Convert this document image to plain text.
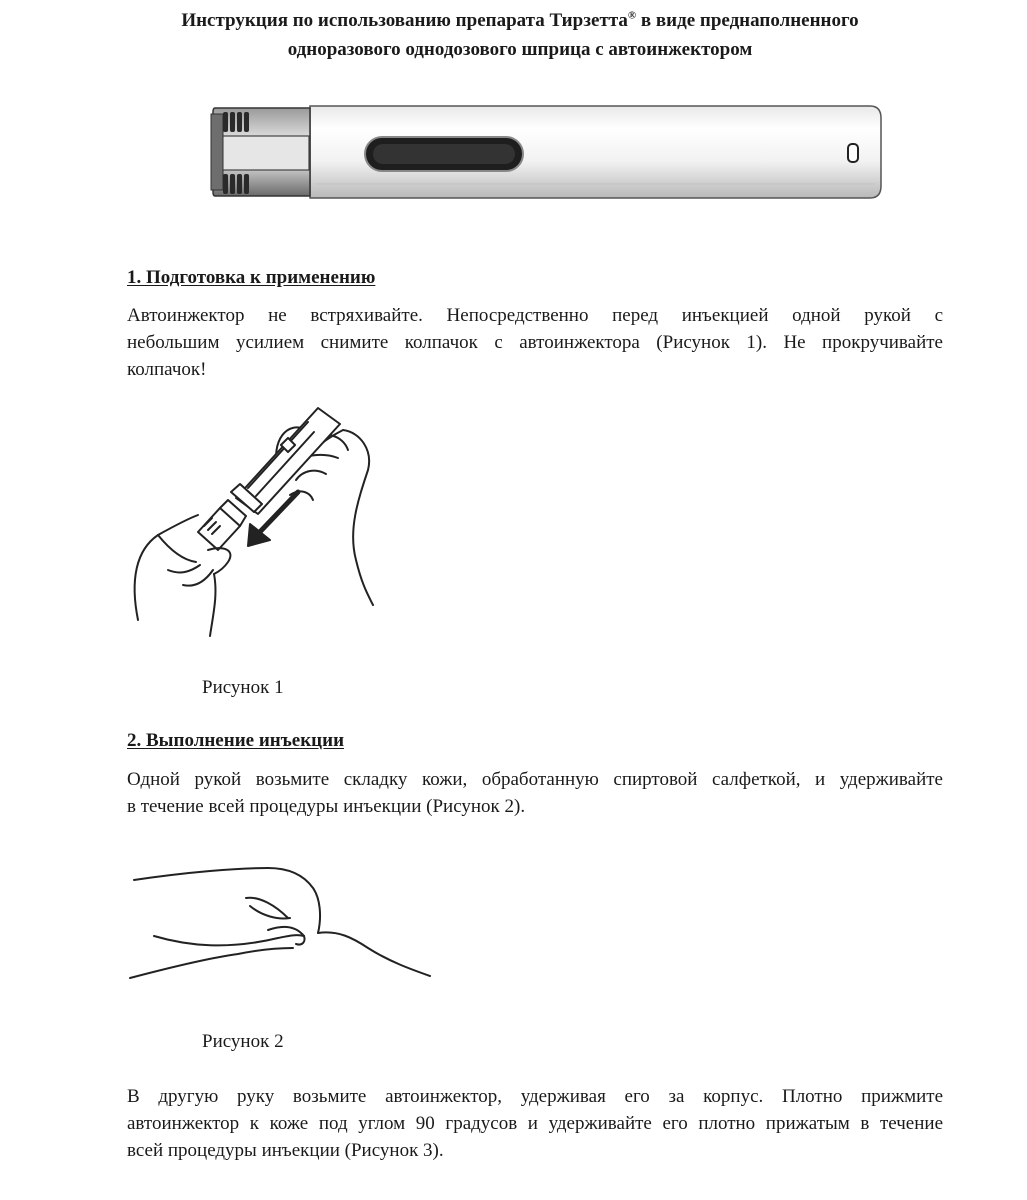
Инструкция по использованию препарата Тирзетта® в виде преднаполненного
одноразового однодозового шприца с автоинжектором
1. Подготовка к применению
Автоинжектор не встряхивайте. Непосредственно перед инъекцией одной рукой с
небольшим усилием снимите колпачок с автоинжектора (Рисунок 1). Не прокручивайте
колпачок!
Рисунок 1
2. Выполнение инъекции
Одной рукой возьмите складку кожи, обработанную спиртовой салфеткой, и удерживайте
в течение всей процедуры инъекции (Рисунок 2).
Рисунок 2
В другую руку возьмите автоинжектор, удерживая его за корпус. Плотно прижмите
автоинжектор к коже под углом 90 градусов и удерживайте его плотно прижатым в течение
всей процедуры инъекции (Рисунок 3).
